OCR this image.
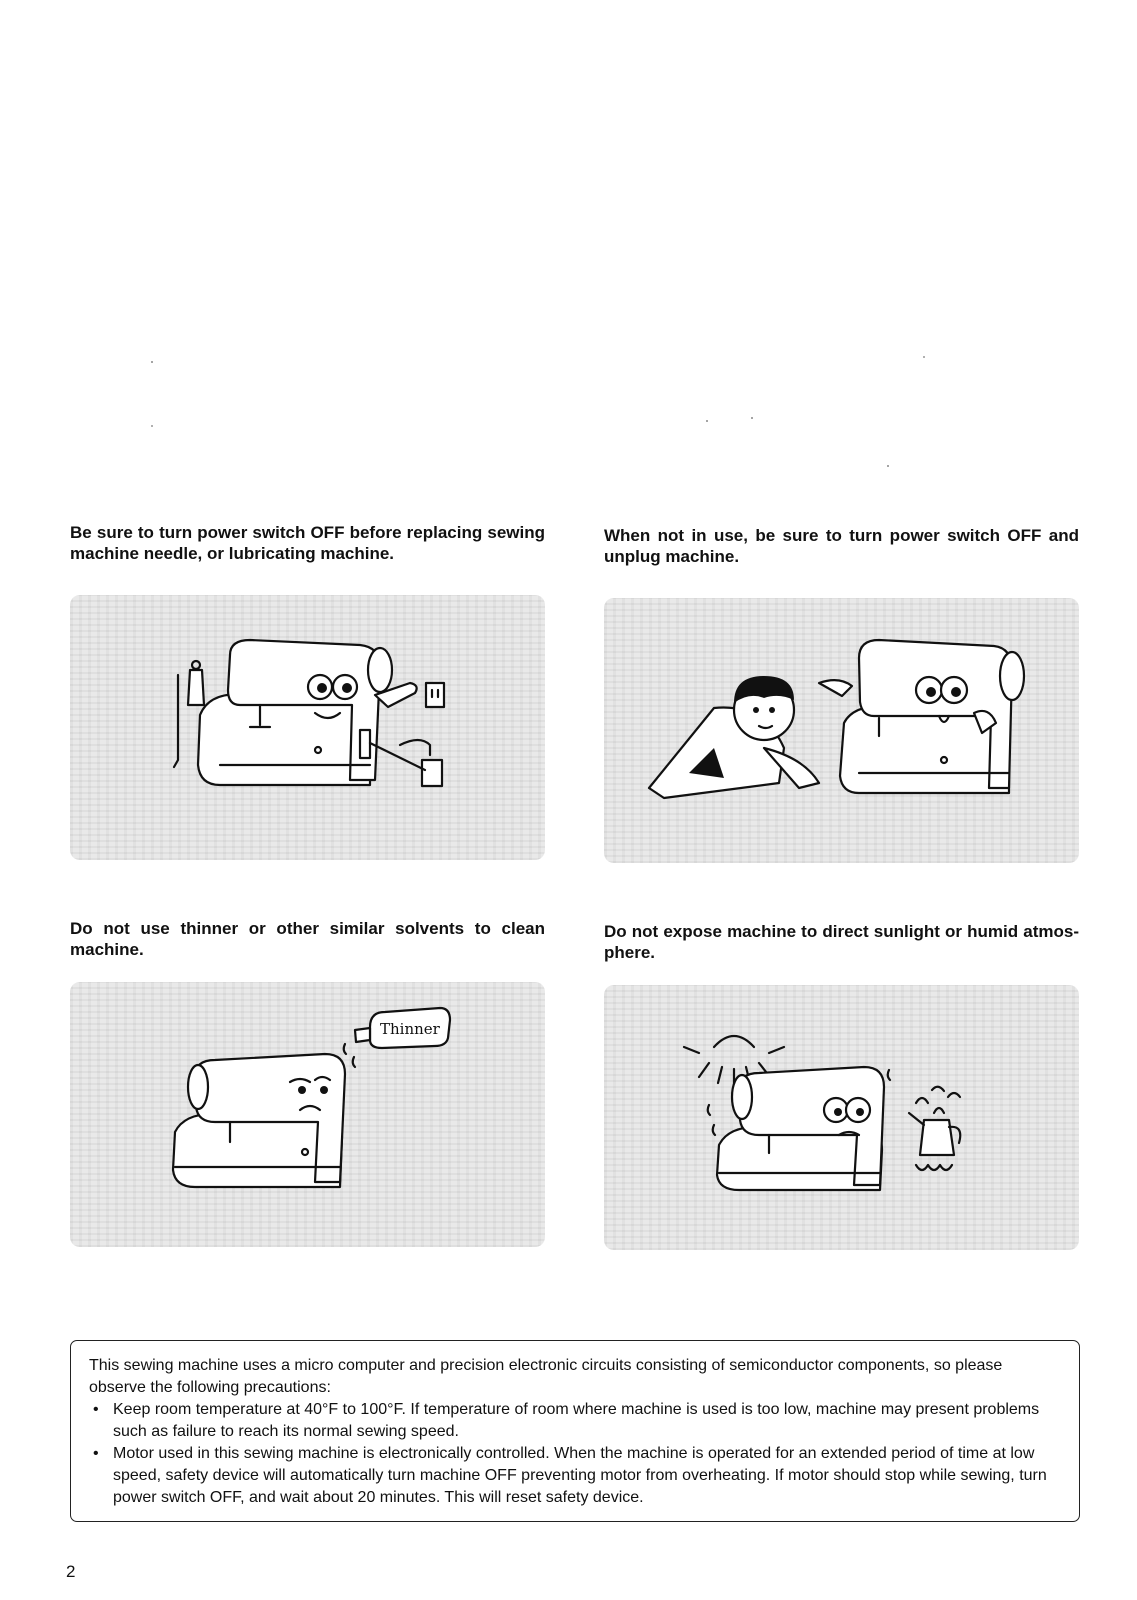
Be sure to turn power switch OFF before replacing sewing machine needle, or lubricating machine.

When not in use, be sure to turn power switch OFF and unplug machine.

Do not use thinner or other similar solvents to clean machine.

Do not expose machine to direct sunlight or humid atmos-phere.

Thinner

This sewing machine uses a micro computer and precision electronic circuits consisting of semiconductor components, so please observe the following precautions:

• Keep room temperature at 40°F to 100°F. If temperature of room where machine is used is too low, machine may present problems such as failure to reach its normal sewing speed.
• Motor used in this sewing machine is electronically controlled. When the machine is operated for an extended period of time at low speed, safety device will automatically turn machine OFF preventing motor from overheating. If motor should stop while sewing, turn power switch OFF, and wait about 20 minutes. This will reset safety device.
2
